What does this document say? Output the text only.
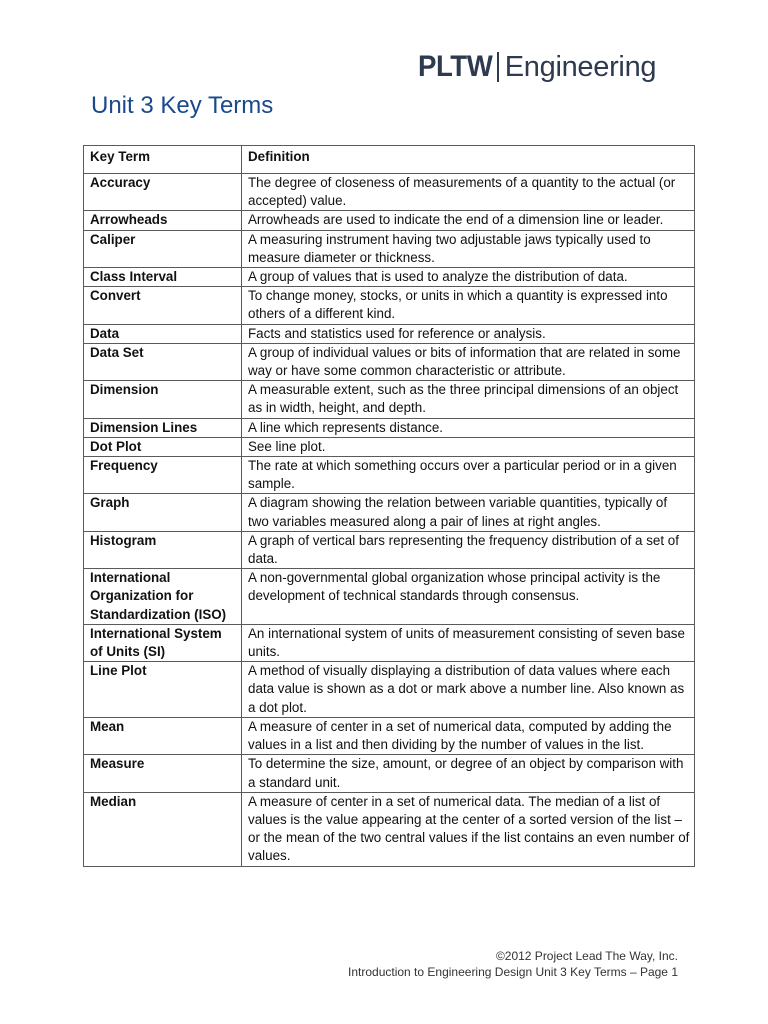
PLTW Engineering
Unit 3 Key Terms
Key Term	Definition
Accuracy	The degree of closeness of measurements of a quantity to the actual (or accepted) value.
Arrowheads	Arrowheads are used to indicate the end of a dimension line or leader.
Caliper	A measuring instrument having two adjustable jaws typically used to measure diameter or thickness.
Class Interval	A group of values that is used to analyze the distribution of data.
Convert	To change money, stocks, or units in which a quantity is expressed into others of a different kind.
Data	Facts and statistics used for reference or analysis.
Data Set	A group of individual values or bits of information that are related in some way or have some common characteristic or attribute.
Dimension	A measurable extent, such as the three principal dimensions of an object as in width, height, and depth.
Dimension Lines	A line which represents distance.
Dot Plot	See line plot.
Frequency	The rate at which something occurs over a particular period or in a given sample.
Graph	A diagram showing the relation between variable quantities, typically of two variables measured along a pair of lines at right angles.
Histogram	A graph of vertical bars representing the frequency distribution of a set of data.
International Organization for Standardization (ISO)	A non-governmental global organization whose principal activity is the development of technical standards through consensus.
International System of Units (SI)	An international system of units of measurement consisting of seven base units.
Line Plot	A method of visually displaying a distribution of data values where each data value is shown as a dot or mark above a number line. Also known as a dot plot.
Mean	A measure of center in a set of numerical data, computed by adding the values in a list and then dividing by the number of values in the list.
Measure	To determine the size, amount, or degree of an object by comparison with a standard unit.
Median	A measure of center in a set of numerical data. The median of a list of values is the value appearing at the center of a sorted version of the list – or the mean of the two central values if the list contains an even number of values.
©2012 Project Lead The Way, Inc.
Introduction to Engineering Design Unit 3 Key Terms – Page 1
